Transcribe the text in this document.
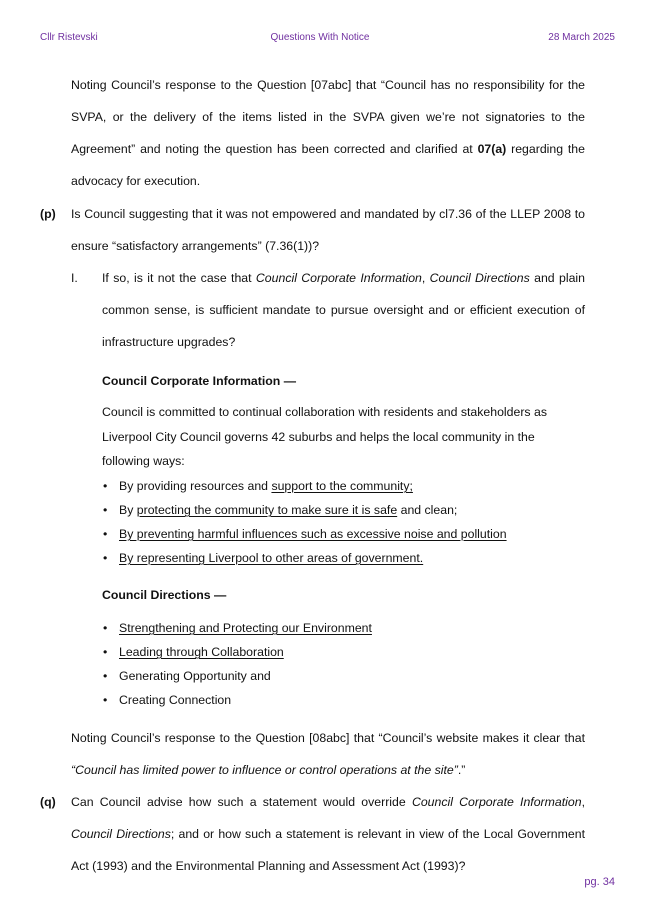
Cllr Ristevski	Questions With Notice	28 March 2025

Noting Council’s response to the Question [07abc] that “Council has no responsibility for the SVPA, or the delivery of the items listed in the SVPA given we’re not signatories to the Agreement” and noting the question has been corrected and clarified at 07(a) regarding the advocacy for execution.

(p) Is Council suggesting that it was not empowered and mandated by cl7.36 of the LLEP 2008 to ensure “satisfactory arrangements” (7.36(1))?

I. If so, is it not the case that Council Corporate Information, Council Directions and plain common sense, is sufficient mandate to pursue oversight and or efficient execution of infrastructure upgrades?

Council Corporate Information —

Council is committed to continual collaboration with residents and stakeholders as Liverpool City Council governs 42 suburbs and helps the local community in the following ways:

• By providing resources and support to the community;
• By protecting the community to make sure it is safe and clean;
• By preventing harmful influences such as excessive noise and pollution
• By representing Liverpool to other areas of government.
Council Directions —
• Strengthening and Protecting our Environment
• Leading through Collaboration
• Generating Opportunity and
• Creating Connection

Noting Council’s response to the Question [08abc] that “Council’s website makes it clear that “Council has limited power to influence or control operations at the site”.”

(q) Can Council advise how such a statement would override Council Corporate Information, Council Directions; and or how such a statement is relevant in view of the Local Government Act (1993) and the Environmental Planning and Assessment Act (1993)?

pg. 34
